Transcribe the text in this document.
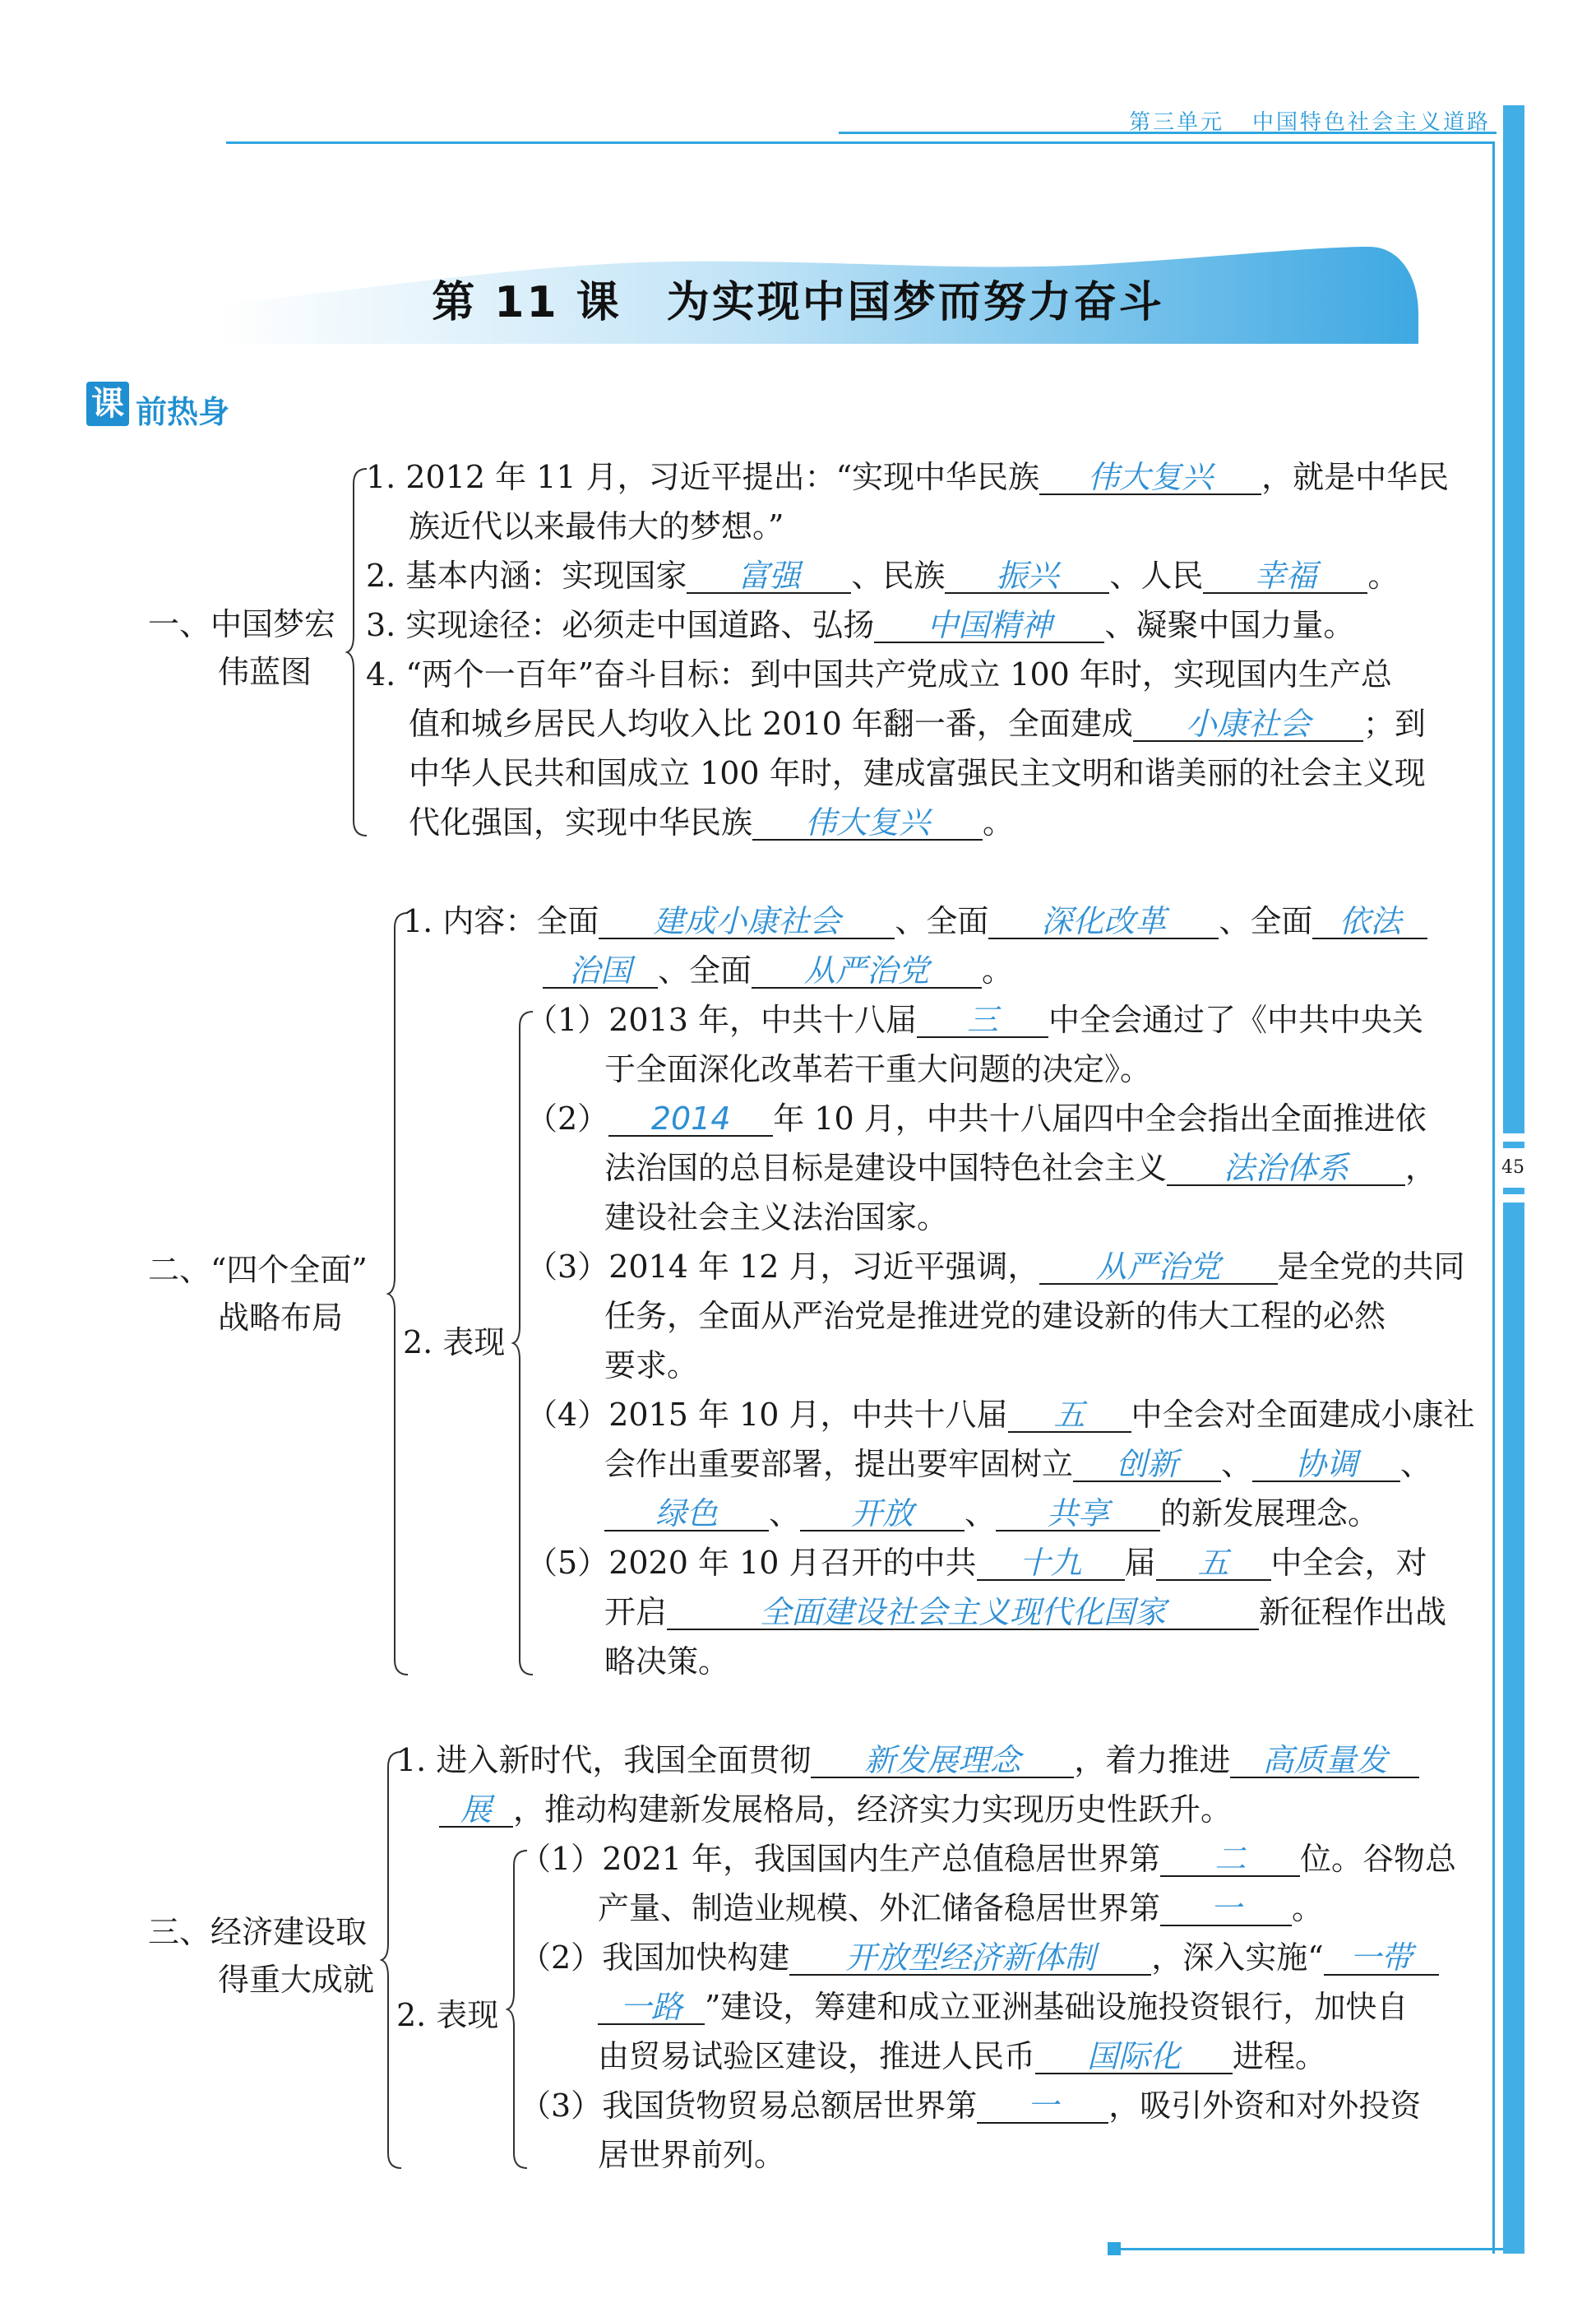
第三单元 中国特色社会主义道路
45
第 11 课　为实现中国梦而努力奋斗
课 前热身
一、中国梦宏
伟蓝图
1. 2012 年 11 月，习近平提出：“实现中华民族 伟大复兴 ，就是中华民
族近代以来最伟大的梦想。”
2. 基本内涵：实现国家 富强 、民族 振兴 、人民 幸福 。
3. 实现途径：必须走中国道路、弘扬 中国精神 、凝聚中国力量。
4. “两个一百年”奋斗目标：到中国共产党成立 100 年时，实现国内生产总
值和城乡居民人均收入比 2010 年翻一番，全面建成 小康社会 ；到
中华人民共和国成立 100 年时，建成富强民主文明和谐美丽的社会主义现
代化强国，实现中华民族 伟大复兴 。
二、“四个全面”
战略布局
1. 内容：全面 建成小康社会 、全面 深化改革 、全面 依法
治国 、全面 从严治党 。
2. 表现
（1）2013 年，中共十八届 三 中全会通过了《中共中央关
于全面深化改革若干重大问题的决定》。
（2） 2014 年 10 月，中共十八届四中全会指出全面推进依
法治国的总目标是建设中国特色社会主义 法治体系 ，
建设社会主义法治国家。
（3）2014 年 12 月，习近平强调， 从严治党 是全党的共同
任务，全面从严治党是推进党的建设新的伟大工程的必然
要求。
（4）2015 年 10 月，中共十八届 五 中全会对全面建成小康社
会作出重要部署，提出要牢固树立 创新 、 协调 、
绿色 、 开放 、 共享 的新发展理念。
（5）2020 年 10 月召开的中共 十九 届 五 中全会，对
开启	全面建设社会主义现代化国家	新征程作出战
略决策。
三、经济建设取
得重大成就
1. 进入新时代，我国全面贯彻 新发展理念 ，着力推进 高质量发
展 ，推动构建新发展格局，经济实力实现历史性跃升。
2. 表现
（1）2021 年，我国国内生产总值稳居世界第 二 位。谷物总
产量、制造业规模、外汇储备稳居世界第 一 。
（2）我国加快构建 开放型经济新体制 ，深入实施“ 一带
一路 ”建设，筹建和成立亚洲基础设施投资银行，加快自
由贸易试验区建设，推进人民币 国际化 进程。
（3）我国货物贸易总额居世界第 一 ，吸引外资和对外投资
居世界前列。
